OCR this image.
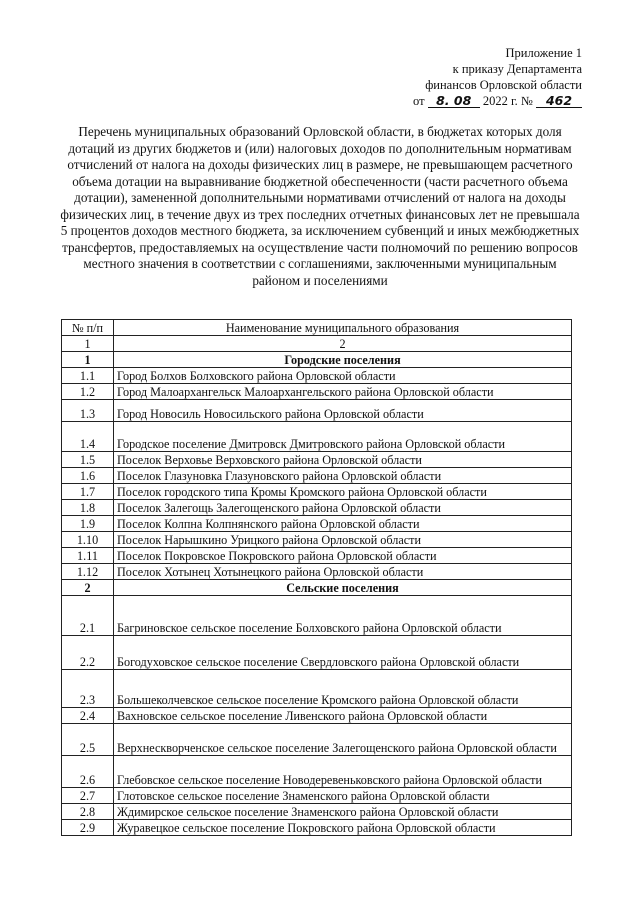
Приложение 1
к приказу Департамента
финансов Орловской области
от 8. 08 2022 г. № 462
Перечень муниципальных образований Орловской области, в бюджетах которых доля дотаций из других бюджетов и (или) налоговых доходов по дополнительным нормативам отчислений от налога на доходы физических лиц в размере, не превышающем расчетного объема дотации на выравнивание бюджетной обеспеченности (части расчетного объема дотации), замененной дополнительными нормативами отчислений от налога на доходы физических лиц, в течение двух из трех последних отчетных финансовых лет не превышала 5 процентов доходов местного бюджета, за исключением субвенций и иных межбюджетных трансфертов, предоставляемых на осуществление части полномочий по решению вопросов местного значения в соответствии с соглашениями, заключенными муниципальным районом и поселениями
№ п/п	Наименование муниципального образования
1	2
1	Городские поселения
1.1	Город Болхов Болховского района Орловской области
1.2	Город Малоархангельск Малоархангельского района Орловской области
1.3	Город Новосиль Новосильского района Орловской области
1.4	Городское поселение Дмитровск Дмитровского района Орловской области
1.5	Поселок Верховье Верховского района Орловской области
1.6	Поселок Глазуновка Глазуновского района Орловской области
1.7	Поселок городского типа Кромы Кромского района Орловской области
1.8	Поселок Залегощь Залегощенского района Орловской области
1.9	Поселок Колпна Колпнянского района Орловской области
1.10	Поселок Нарышкино Урицкого района Орловской области
1.11	Поселок Покровское Покровского района Орловской области
1.12	Поселок Хотынец Хотынецкого района Орловской области
2	Сельские поселения
2.1	Багриновское сельское поселение Болховского района Орловской области
2.2	Богодуховское сельское поселение Свердловского района Орловской области
2.3	Большеколчевское сельское поселение Кромского района Орловской области
2.4	Вахновское сельское поселение Ливенского района Орловской области
2.5	Верхнескворченское сельское поселение Залегощенского района Орловской области
2.6	Глебовское сельское поселение Новодеревеньковского района Орловской области
2.7	Глотовское сельское поселение Знаменского района Орловской области
2.8	Ждимирское сельское поселение Знаменского района Орловской области
2.9	Журавецкое сельское поселение Покровского района Орловской области
